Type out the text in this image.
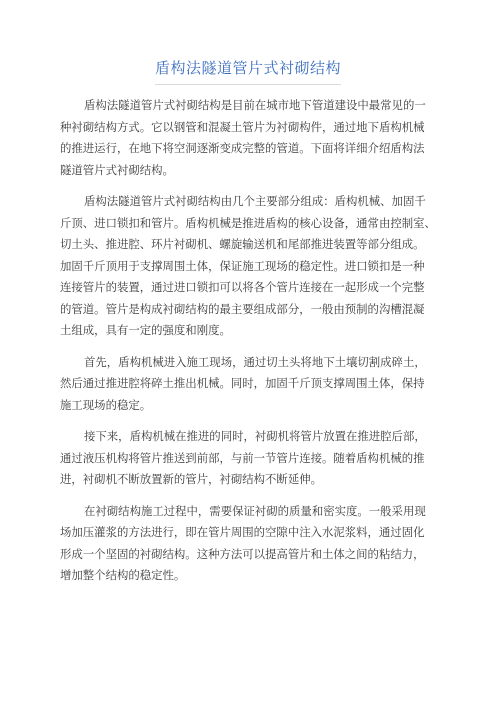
盾构法隧道管片式衬砌结构

盾构法隧道管片式衬砌结构是目前在城市地下管道建设中最常见的一
种衬砌结构方式。它以钢管和混凝土管片为衬砌构件，通过地下盾构机械
的推进运行，在地下将空洞逐渐变成完整的管道。下面将详细介绍盾构法
隧道管片式衬砌结构。

盾构法隧道管片式衬砌结构由几个主要部分组成：盾构机械、加固千
斤顶、进口锁扣和管片。盾构机械是推进盾构的核心设备，通常由控制室、
切土头、推进腔、环片衬砌机、螺旋输送机和尾部推进装置等部分组成。
加固千斤顶用于支撑周围土体，保证施工现场的稳定性。进口锁扣是一种
连接管片的装置，通过进口锁扣可以将各个管片连接在一起形成一个完整
的管道。管片是构成衬砌结构的最主要组成部分，一般由预制的沟槽混凝
土组成，具有一定的强度和刚度。

首先，盾构机械进入施工现场，通过切土头将地下土壤切割成碎土，
然后通过推进腔将碎土推出机械。同时，加固千斤顶支撑周围土体，保持
施工现场的稳定。

接下来，盾构机械在推进的同时，衬砌机将管片放置在推进腔后部，
通过液压机构将管片推送到前部，与前一节管片连接。随着盾构机械的推
进，衬砌机不断放置新的管片，衬砌结构不断延伸。

在衬砌结构施工过程中，需要保证衬砌的质量和密实度。一般采用现
场加压灌浆的方法进行，即在管片周围的空隙中注入水泥浆料，通过固化
形成一个坚固的衬砌结构。这种方法可以提高管片和土体之间的粘结力，
增加整个结构的稳定性。
